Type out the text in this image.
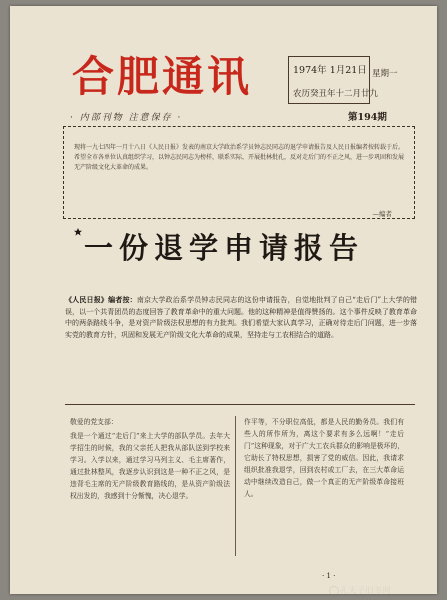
合肥通讯
· 内部刊物 注意保存 ·
1974年 1月21日
农历癸丑年十二月廿九
星期一
第194期
现将一九七四年一月十八日《人民日报》发表的南京大学政治系学员钟志民同志的退学申请报告及人民日报编者按转载于后。希望全市各单位认真组织学习，以钟志民同志为榜样，联系实际，开展批林批孔，反对走后门的不正之风，进一步巩固和发展无产阶级文化大革命的成果。
—编者
一份退学申请报告
《人民日报》编者按：南京大学政治系学员钟志民同志的这份申请报告，自觉地批判了自己“走后门”上大学的错误，以一个共青团员的态度回答了教育革命中的重大问题。他的这种精神是值得赞扬的。这个事件反映了教育革命中的两条路线斗争，是对资产阶级法权思想的有力批判。我们希望大家认真学习，正确对待走后门问题，进一步落实党的教育方针，巩固和发展无产阶级文化大革命的成果，坚持走与工农相结合的道路。
敬爱的党支部：
我是一个通过“走后门”来上大学的部队学员。去年大学招生的时候，我的父亲托人把我从部队送到学校来学习。入学以来，通过学习马列主义、毛主席著作，通过批林整风，我逐步认识到这是一种不正之风，是违背毛主席的无产阶级教育路线的，是从资产阶级法权出发的，我感到十分惭愧，决心退学。
作平等，不分职位高低，都是人民的勤务员。我们有些人的所作所为，离这个要求有多么远啊！“走后门”这种现象，对于广大工农兵群众的影响是极坏的，它助长了特权思想，损害了党的威信。因此，我请求组织批准我退学，回到农村或工厂去，在三大革命运动中继续改造自己，做一个真正的无产阶级革命接班人。
· 1 ·
孔夫子旧书网
